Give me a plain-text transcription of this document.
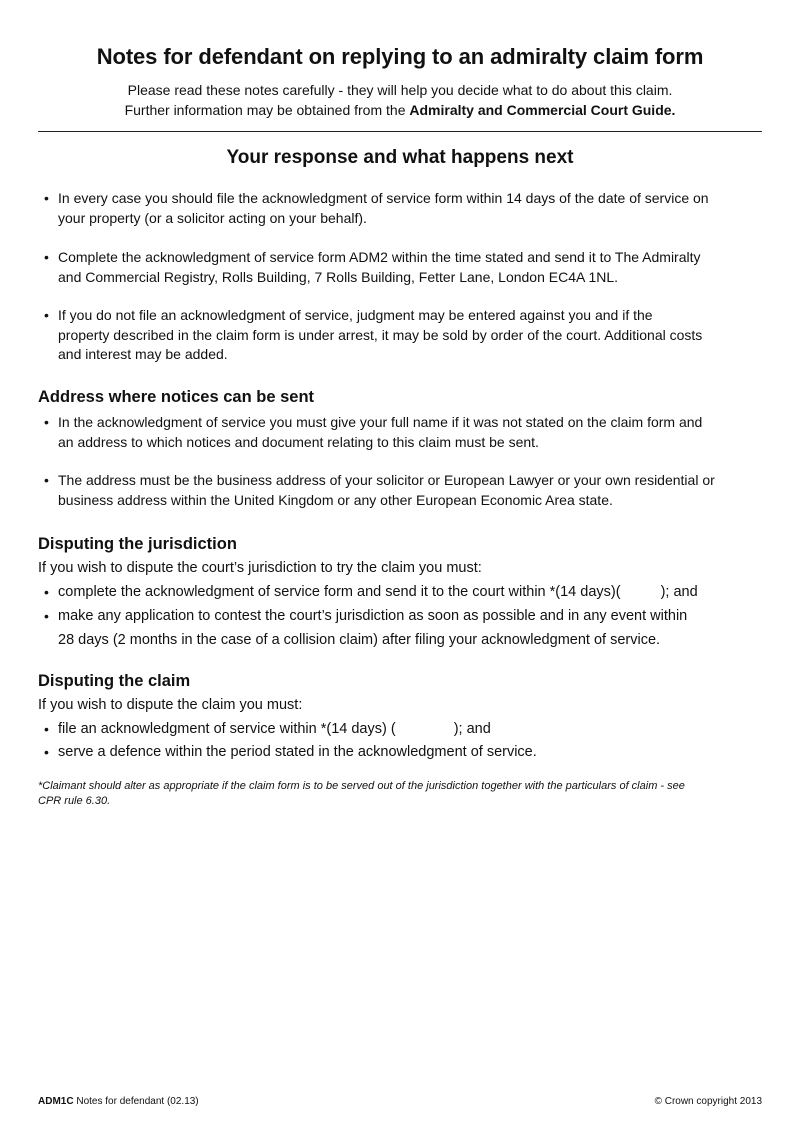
Notes for defendant on replying to an admiralty claim form
Please read these notes carefully - they will help you decide what to do about this claim.
Further information may be obtained from the Admiralty and Commercial Court Guide.
Your response and what happens next
• In every case you should file the acknowledgment of service form within 14 days of the date of service on
your property (or a solicitor acting on your behalf).
• Complete the acknowledgment of service form ADM2 within the time stated and send it to The Admiralty
and Commercial Registry, Rolls Building, 7 Rolls Building, Fetter Lane, London EC4A 1NL.
• If you do not file an acknowledgment of service, judgment may be entered against you and if the
property described in the claim form is under arrest, it may be sold by order of the court. Additional costs
and interest may be added.
Address where notices can be sent
• In the acknowledgment of service you must give your full name if it was not stated on the claim form and
an address to which notices and document relating to this claim must be sent.
• The address must be the business address of your solicitor or European Lawyer or your own residential or
business address within the United Kingdom or any other European Economic Area state.
Disputing the jurisdiction
If you wish to dispute the court’s jurisdiction to try the claim you must:
• complete the acknowledgment of service form and send it to the court within *(14 days)(	); and
• make any application to contest the court’s jurisdiction as soon as possible and in any event within
28 days (2 months in the case of a collision claim) after filing your acknowledgment of service.
Disputing the claim
If you wish to dispute the claim you must:
• file an acknowledgment of service within *(14 days) (	); and
• serve a defence within the period stated in the acknowledgment of service.
*Claimant should alter as appropriate if the claim form is to be served out of the jurisdiction together with the particulars of claim - see
CPR rule 6.30.
ADM1C Notes for defendant (02.13)	© Crown copyright 2013
